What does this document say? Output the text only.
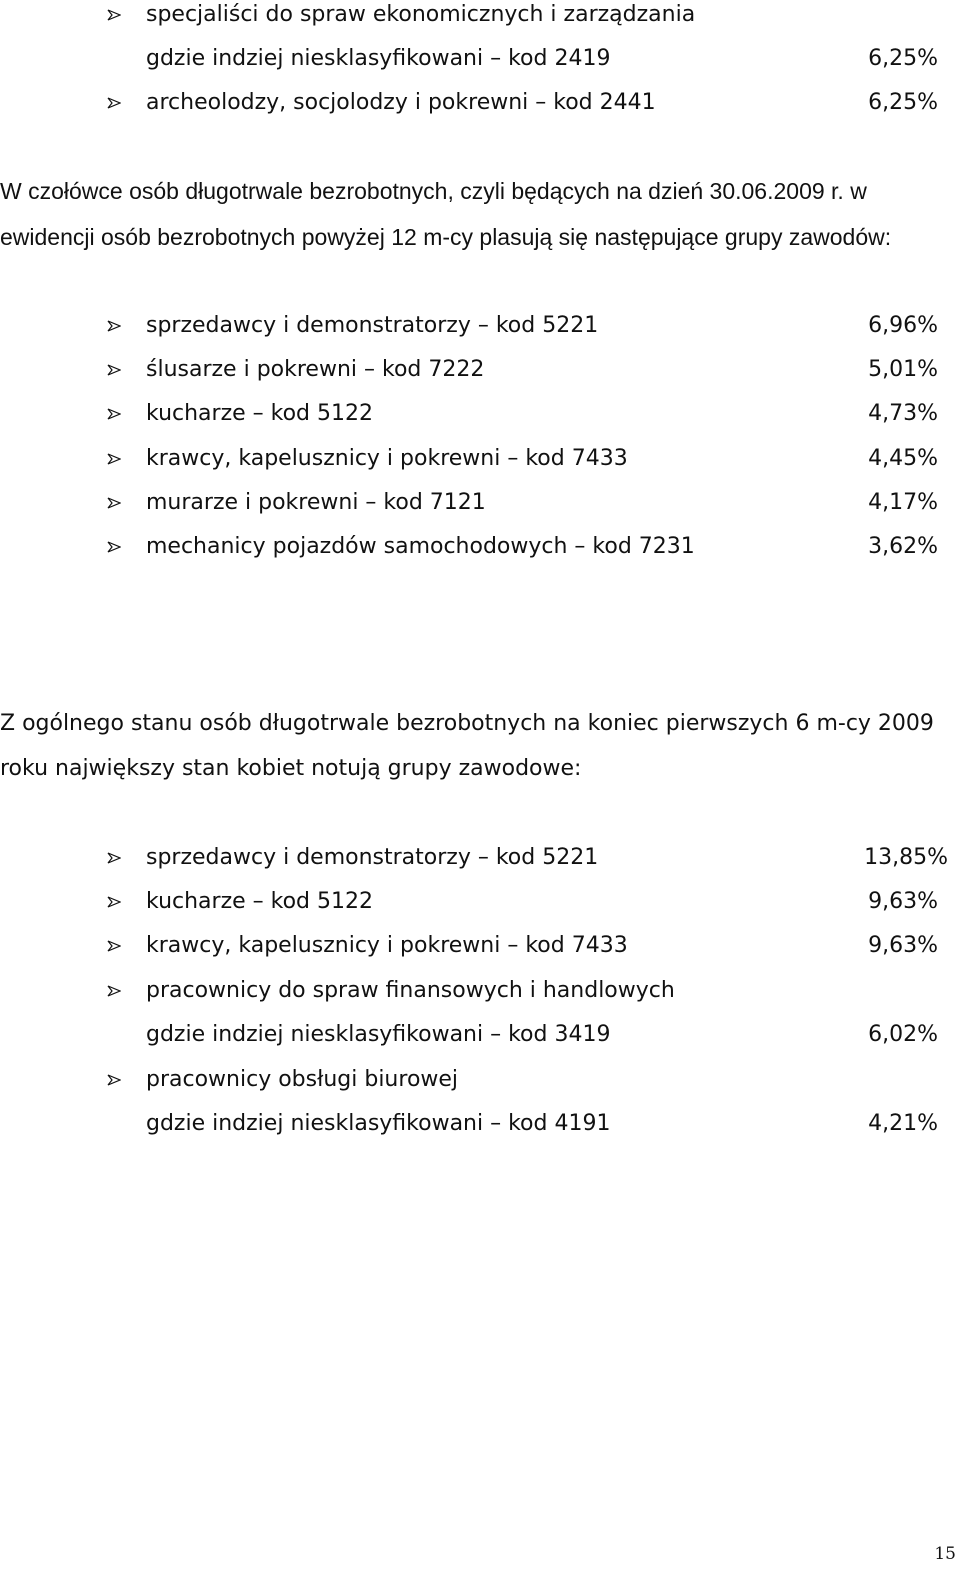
specjaliści do spraw ekonomicznych i zarządzania
gdzie indziej niesklasyfikowani – kod 2419	6,25%
archeolodzy, socjolodzy i pokrewni – kod 2441	6,25%
W czołówce osób długotrwale bezrobotnych, czyli będących na dzień 30.06.2009 r. w
ewidencji osób bezrobotnych powyżej 12 m-cy plasują się następujące grupy zawodów:
sprzedawcy i demonstratorzy – kod 5221	6,96%
ślusarze i pokrewni – kod 7222	5,01%
kucharze – kod 5122	4,73%
krawcy, kapelusznicy i pokrewni – kod 7433	4,45%
murarze i pokrewni – kod 7121	4,17%
mechanicy pojazdów samochodowych – kod 7231	3,62%
Z ogólnego stanu osób długotrwale bezrobotnych na koniec pierwszych 6 m-cy 2009
roku największy stan kobiet notują grupy zawodowe:
sprzedawcy i demonstratorzy – kod 5221	13,85%
kucharze – kod 5122	9,63%
krawcy, kapelusznicy i pokrewni – kod 7433	9,63%
pracownicy do spraw finansowych i handlowych
gdzie indziej niesklasyfikowani – kod 3419	6,02%
pracownicy obsługi biurowej
gdzie indziej niesklasyfikowani – kod 4191	4,21%
15
